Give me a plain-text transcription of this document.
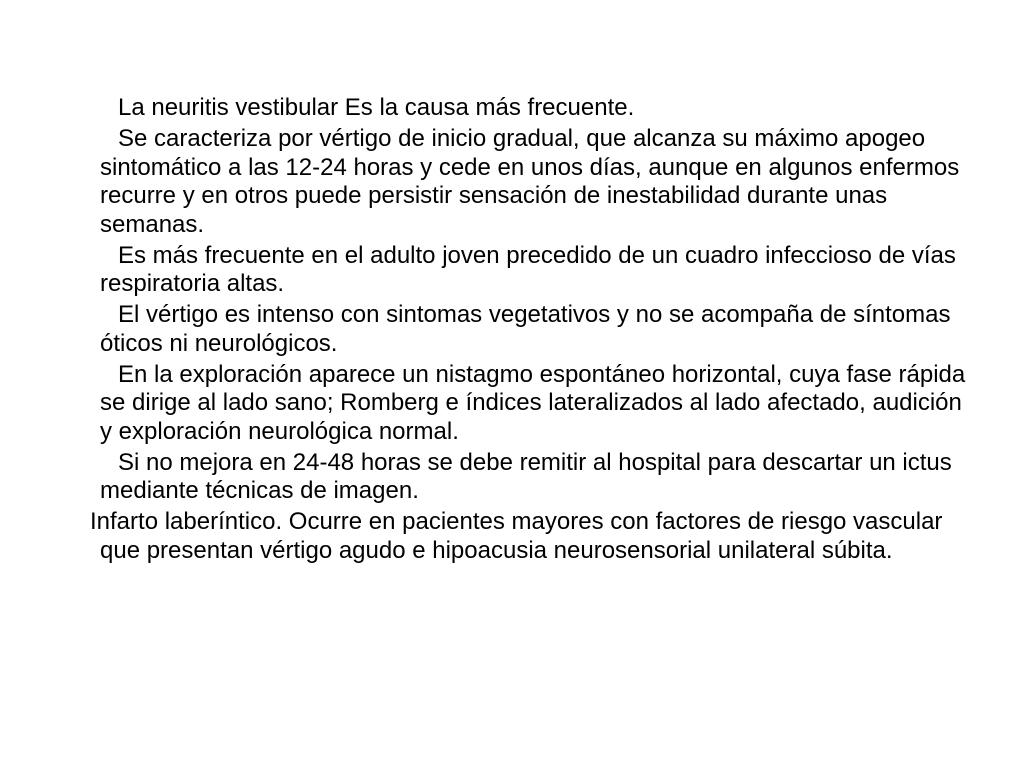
La neuritis vestibular Es la causa más frecuente.

Se caracteriza por vértigo de inicio gradual, que alcanza su máximo apogeo sintomático a las 12-24 horas y cede en unos días, aunque en algunos enfermos recurre y en otros puede persistir sensación de inestabilidad durante unas semanas.

Es más frecuente en el adulto joven precedido de un cuadro infeccioso de vías respiratoria altas.

El vértigo es intenso con sintomas vegetativos y no se acompaña de síntomas óticos ni neurológicos.

En la exploración aparece un nistagmo espontáneo horizontal, cuya fase rápida se dirige al lado sano; Romberg e índices lateralizados al lado afectado, audición y exploración neurológica normal.

Si no mejora en 24-48 horas se debe remitir al hospital para descartar un ictus mediante técnicas de imagen.

Infarto laberíntico. Ocurre en pacientes mayores con factores de riesgo vascular que presentan vértigo agudo e hipoacusia neurosensorial unilateral súbita.
